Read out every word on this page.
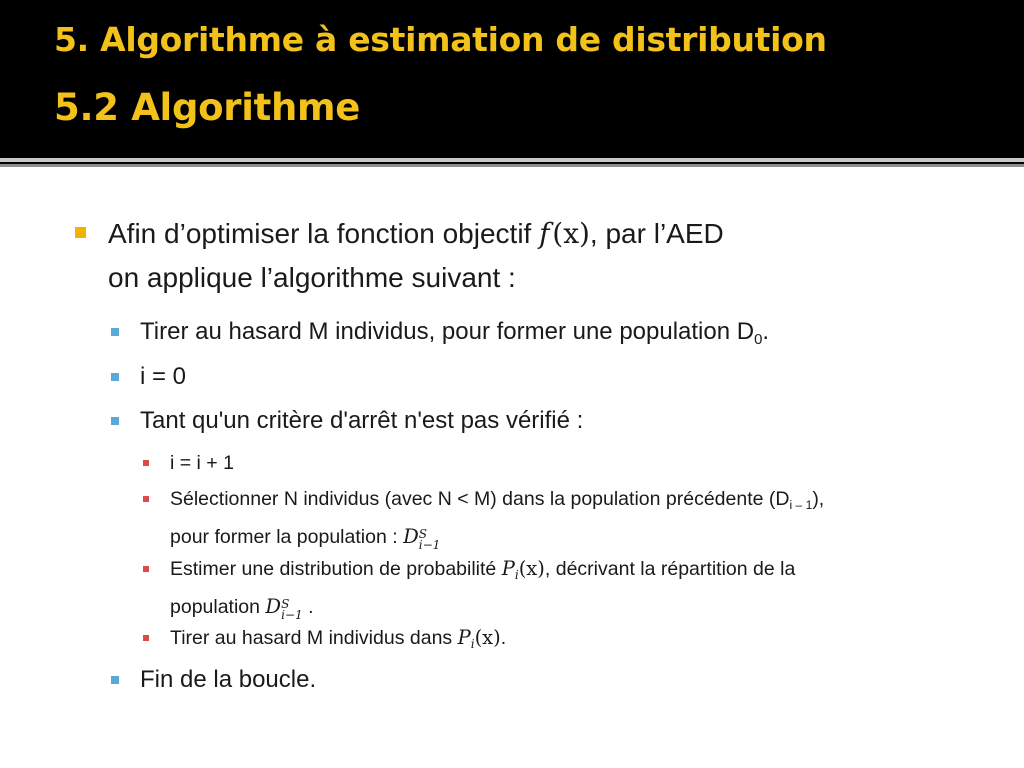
5. Algorithme à estimation de distribution
5.2 Algorithme
Afin d’optimiser la fonction objectif f (x), par l’AED
on applique l’algorithme suivant :
Tirer au hasard M individus, pour former une population $D_0$.
i = 0
Tant qu'un critère d'arrêt n'est pas vérifié :
i = i + 1
Sélectionner N individus (avec N < M) dans la population précédente $(D_{i - 1})$,
pour former la population : D S
i−1
Estimer une distribution de probabilité $P_i(x)$, décrivant la répartition de la
population D S
i−1 .
Tirer au hasard M individus dans $P_i(x)$.
Fin de la boucle.
